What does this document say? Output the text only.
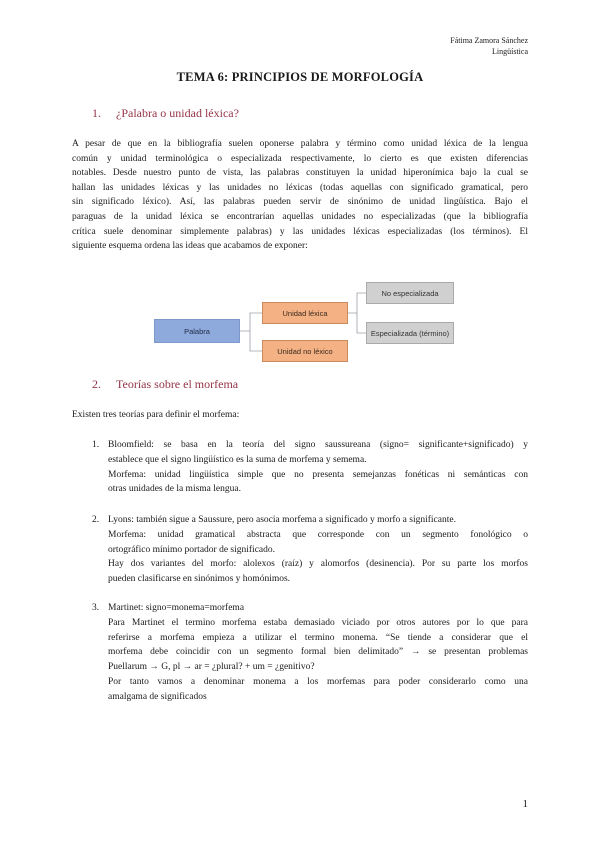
Fátima Zamora Sánchez
Lingüística
TEMA 6: PRINCIPIOS DE MORFOLOGÍA
1. ¿Palabra o unidad léxica?
A pesar de que en la bibliografía suelen oponerse palabra y término como unidad léxica de la lengua
común y unidad terminológica o especializada respectivamente, lo cierto es que existen diferencias
notables. Desde nuestro punto de vista, las palabras constituyen la unidad hiperonímica bajo la cual se
hallan las unidades léxicas y las unidades no léxicas (todas aquellas con significado gramatical, pero
sin significado léxico). Así, las palabras pueden servir de sinónimo de unidad lingüística. Bajo el
paraguas de la unidad léxica se encontrarían aquellas unidades no especializadas (que la bibliografía
crítica suele denominar simplemente palabras) y las unidades léxicas especializadas (los términos). El
siguiente esquema ordena las ideas que acabamos de exponer:
Palabra
Unidad léxica
Unidad no léxico
No especializada
Especializada (término)
2. Teorías sobre el morfema
Existen tres teorías para definir el morfema:
1. Bloomfield: se basa en la teoría del signo saussureana (signo= significante+significado) y
establece que el signo lingüístico es la suma de morfema y semema.
Morfema: unidad lingüística simple que no presenta semejanzas fonéticas ni semánticas con
otras unidades de la misma lengua.
2. Lyons: también sigue a Saussure, pero asocia morfema a significado y morfo a significante.
Morfema: unidad gramatical abstracta que corresponde con un segmento fonológico o
ortográfico mínimo portador de significado.
Hay dos variantes del morfo: alolexos (raíz) y alomorfos (desinencia). Por su parte los morfos
pueden clasificarse en sinónimos y homónimos.
3. Martinet: signo=monema=morfema
Para Martinet el termino morfema estaba demasiado viciado por otros autores por lo que para
referirse a morfema empieza a utilizar el termino monema. “Se tiende a considerar que el
morfema debe coincidir con un segmento formal bien delimitado” → se presentan problemas
Puellarum → G, pl → ar = ¿plural? + um = ¿genitivo?
Por tanto vamos a denominar monema a los morfemas para poder considerarlo como una
amalgama de significados
1
